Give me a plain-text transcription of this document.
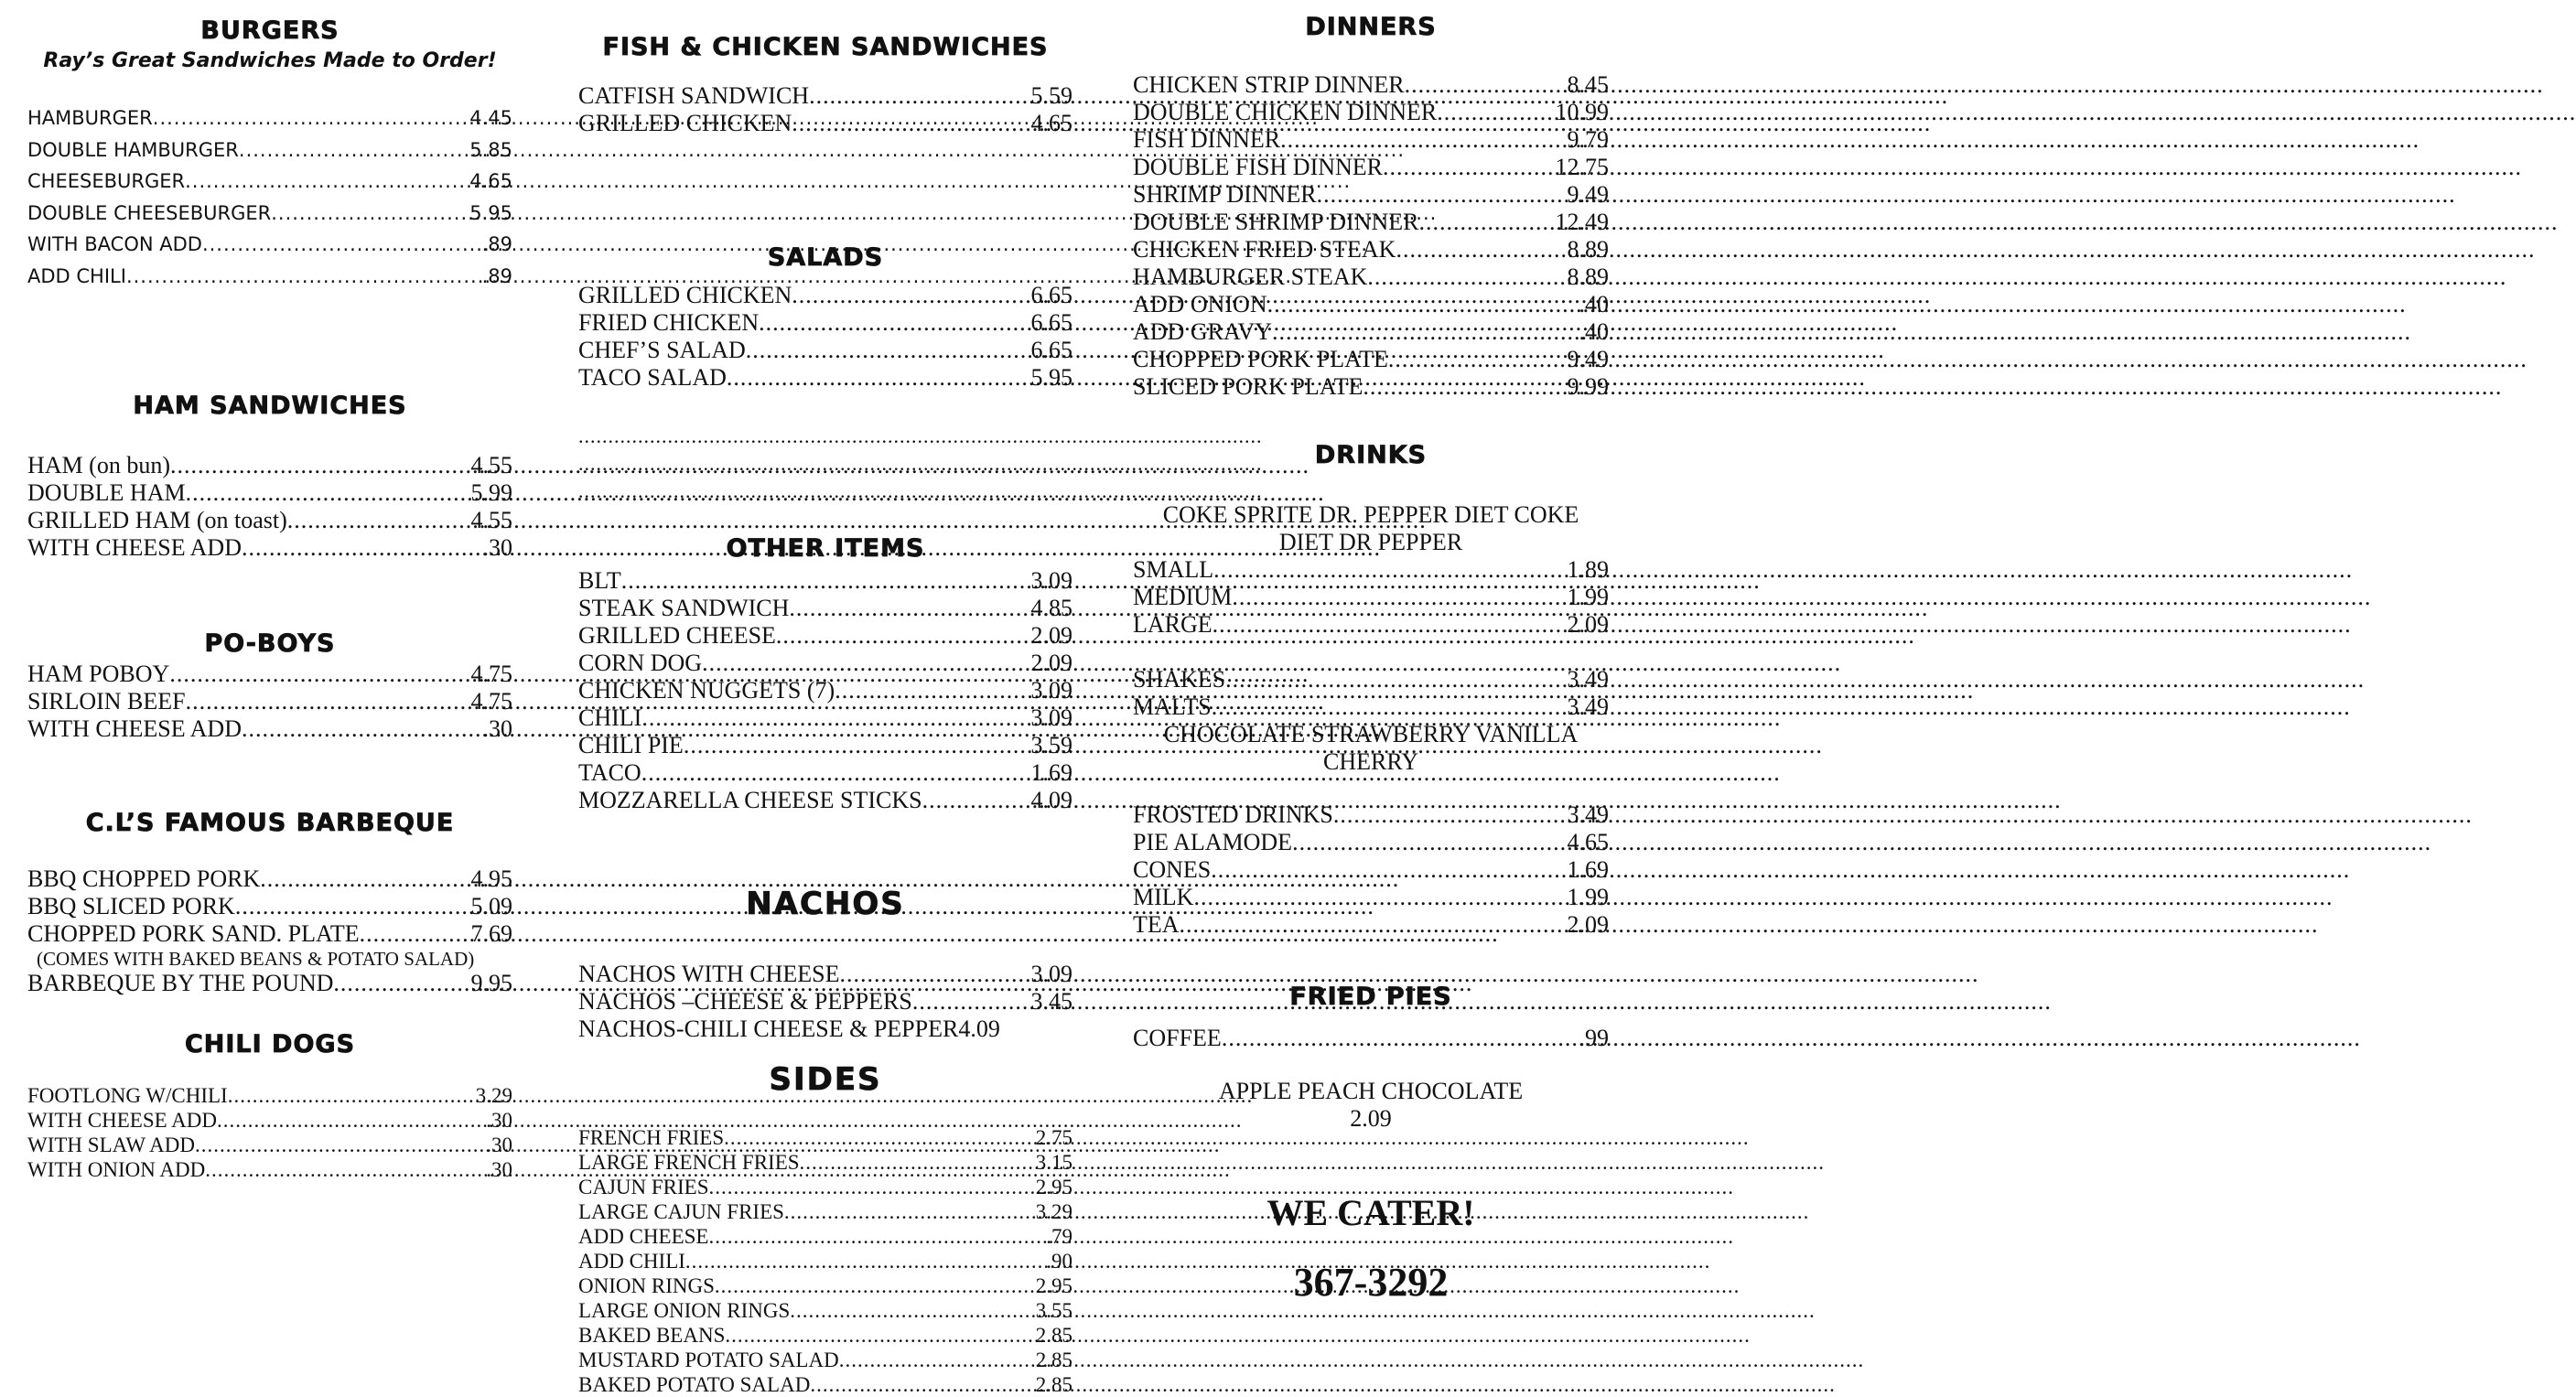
BURGERS
Ray’s Great Sandwiches Made to Order!
HAMBURGER .....	4.45
DOUBLE HAMBURGER .....	5.85
CHEESEBURGER .....	4.65
DOUBLE CHEESEBURGER .....	5.95
WITH BACON ADD .....	.89
ADD CHILI .....	.89
HAM SANDWICHES
HAM (on bun) .....	4.55
DOUBLE HAM .....	5.99
GRILLED HAM (on toast) .....	4.55
WITH CHEESE ADD .....	.30
PO-BOYS
HAM POBOY .....	4.75
SIRLOIN BEEF .....	4.75
WITH CHEESE ADD .....	.30
C.L’S FAMOUS BARBEQUE
BBQ CHOPPED PORK .....	4.95
BBQ SLICED PORK .....	5.09
CHOPPED PORK SAND. PLATE .....	7.69
(COMES WITH BAKED BEANS & POTATO SALAD)
BARBEQUE BY THE POUND .....	9.95
CHILI DOGS
FOOTLONG W/CHILI .....	3.29
WITH CHEESE ADD .....	.30
WITH SLAW ADD .....	.30
WITH ONION ADD .....	.30
FISH & CHICKEN SANDWICHES
CATFISH SANDWICH .....	5.59
GRILLED CHICKEN .....	4.65
SALADS
GRILLED CHICKEN .....	6.65
FRIED CHICKEN .....	6.65
CHEF’S SALAD .....	6.65
TACO SALAD .....	5.95
...................................................................................................................
...................................................................................................................
...................................................................................................................
OTHER ITEMS
BLT .....	3.09
STEAK SANDWICH .....	4.85
GRILLED CHEESE .....	2.09
CORN DOG .....	2.09
CHICKEN NUGGETS (7) .....	3.09
CHILI .....	3.09
CHILI PIE .....	3.59
TACO .....	1.69
MOZZARELLA CHEESE STICKS .....	4.09
NACHOS
NACHOS WITH CHEESE .....	3.09
NACHOS –CHEESE & PEPPERS .....	3.45
NACHOS-CHILI CHEESE & PEPPER4.09
SIDES
FRENCH FRIES .....	2.75
LARGE FRENCH FRIES .....	3.15
CAJUN FRIES .....	2.95
LARGE CAJUN FRIES .....	3.29
ADD CHEESE .....	.79
ADD CHILI .....	.90
ONION RINGS .....	2.95
LARGE ONION RINGS .....	3.55
BAKED BEANS .....	2.85
MUSTARD POTATO SALAD .....	2.85
BAKED POTATO SALAD .....	2.85
DINNERS
CHICKEN STRIP DINNER .....	8.45
DOUBLE CHICKEN DINNER .....	10.99
FISH DINNER .....	9.79
DOUBLE FISH DINNER .....	12.75
SHRIMP DINNER .....	9.49
DOUBLE SHRIMP DINNER .....	12.49
CHICKEN FRIED STEAK .....	8.89
HAMBURGER STEAK .....	8.89
ADD ONION .....	.40
ADD GRAVY .....	.40
CHOPPED PORK PLATE .....	9.49
SLICED PORK PLATE .....	9.99
DRINKS
COKE SPRITE DR. PEPPER DIET COKE
DIET DR PEPPER
SMALL .....	1.89
MEDIUM .....	1.99
LARGE .....	2.09
SHAKES .....	3.49
MALTS .....	3.49
CHOCOLATE STRAWBERRY VANILLA
CHERRY
FROSTED DRINKS .....	3.49
PIE ALAMODE .....	4.65
CONES .....	1.69
MILK .....	1.99
TEA .....	2.09
FRIED PIES
COFFEE .....	.99
APPLE PEACH CHOCOLATE
2.09
WE CATER!
367-3292
